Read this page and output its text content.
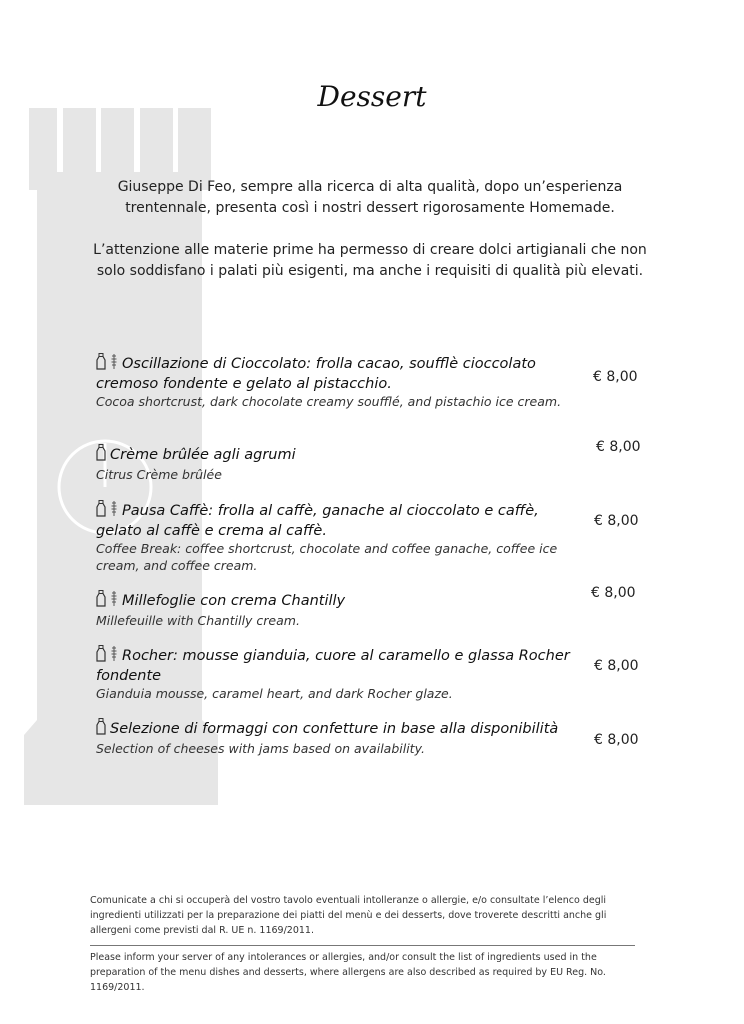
Dessert
Giuseppe Di Feo, sempre alla ricerca di alta qualità, dopo un’esperienza trentennale, presenta così i nostri dessert rigorosamente Homemade.
L’attenzione alle materie prime ha permesso di creare dolci artigianali che non solo soddisfano i palati più esigenti, ma anche i requisiti di qualità più elevati.
Oscillazione di Cioccolato: frolla cacao, soufflè cioccolato cremoso fondente e gelato al pistacchio.
Cocoa shortcrust, dark chocolate creamy soufflé, and pistachio ice cream.
€ 8,00
Crème brûlée agli agrumi
Citrus Crème brûlée
€ 8,00
Pausa Caffè: frolla al caffè, ganache al cioccolato e caffè, gelato al caffè e crema al caffè.
Coffee Break: coffee shortcrust, chocolate and coffee ganache, coffee ice cream, and coffee cream.
€ 8,00
Millefoglie con crema Chantilly
Millefeuille with Chantilly cream.
€ 8,00
Rocher: mousse gianduia, cuore al caramello e glassa Rocher fondente
Gianduia mousse, caramel heart, and dark Rocher glaze.
€ 8,00
Selezione di formaggi con confetture in base alla disponibilità
Selection of cheeses with jams based on availability.
€ 8,00
Comunicate a chi si occuperà del vostro tavolo eventuali intolleranze o allergie, e/o consultate l’elenco degli ingredienti utilizzati per la preparazione dei piatti del menù e dei desserts, dove troverete descritti anche gli allergeni come previsti dal R. UE n. 1169/2011.
Please inform your server of any intolerances or allergies, and/or consult the list of ingredients used in the preparation of the menu dishes and desserts, where allergens are also described as required by EU Reg. No. 1169/2011.
